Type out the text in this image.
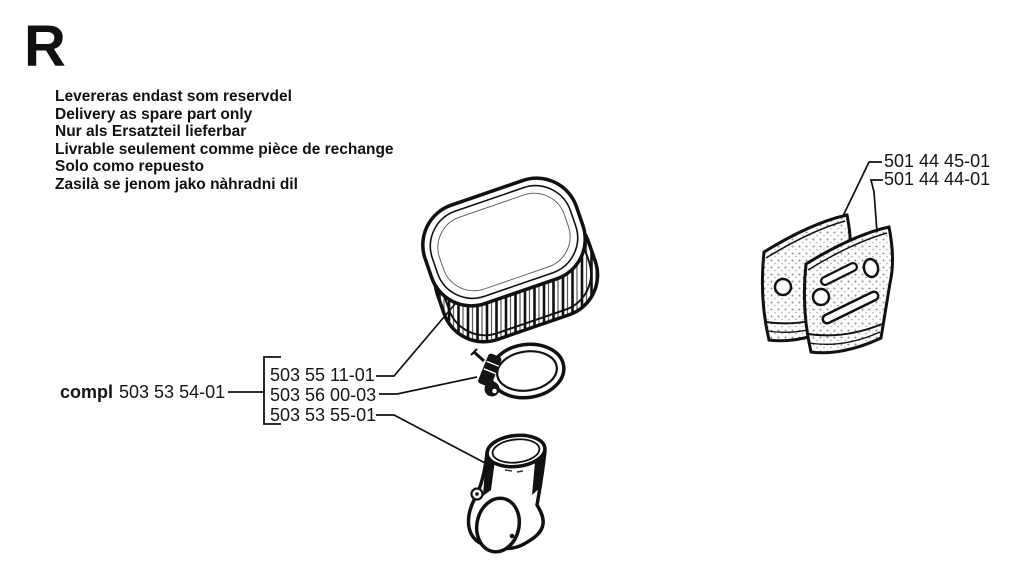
R
Levereras endast som reservdel
Delivery as spare part only
Nur als Ersatzteil lieferbar
Livrable seulement comme pièce de rechange
Solo como repuesto
Zasilà se jenom jako nàhradni dil
501 44 45-01
501 44 44-01
compl 503 53 54-01
503 55 11-01
503 56 00-03
503 53 55-01
